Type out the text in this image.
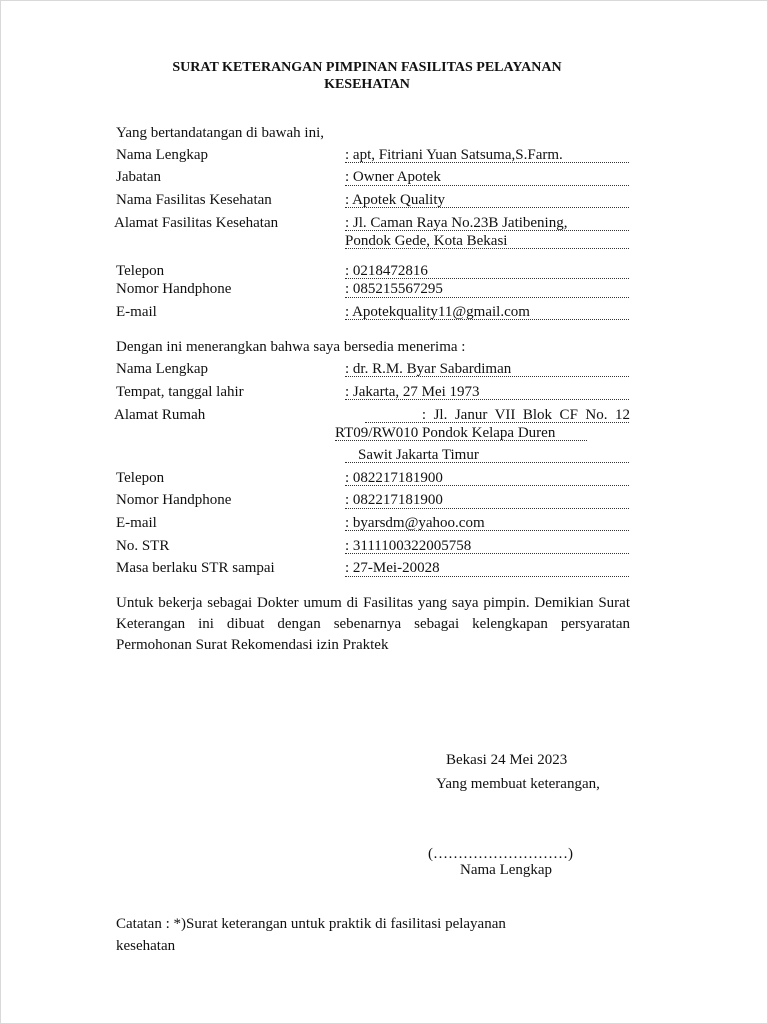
SURAT KETERANGAN PIMPINAN FASILITAS PELAYANAN
KESEHATAN
Yang bertandatangan di bawah ini,
Nama Lengkap	: apt, Fitriani Yuan Satsuma,S.Farm.
Jabatan	: Owner Apotek
Nama Fasilitas Kesehatan	: Apotek Quality
Alamat Fasilitas Kesehatan	: Jl. Caman Raya No.23B Jatibening,
Pondok Gede, Kota Bekasi
Telepon	: 0218472816
Nomor Handphone	: 085215567295
E-mail	: Apotekquality11@gmail.com
Dengan ini menerangkan bahwa saya bersedia menerima :
Nama Lengkap	: dr. R.M. Byar Sabardiman
Tempat, tanggal lahir	: Jakarta, 27 Mei 1973
Alamat Rumah	:  Jl.  Janur  VII  Blok  CF  No.  12
RT09/RW010 Pondok Kelapa Duren
Sawit Jakarta Timur
Telepon	: 082217181900
Nomor Handphone	: 082217181900
E-mail	: byarsdm@yahoo.com
No. STR	: 3111100322005758
Masa berlaku STR sampai	: 27-Mei-20028
Untuk bekerja sebagai Dokter umum di Fasilitas yang saya pimpin. Demikian Surat Keterangan ini dibuat dengan sebenarnya sebagai kelengkapan persyaratan Permohonan Surat Rekomendasi izin Praktek
Bekasi 24 Mei 2023
Yang membuat keterangan,
(………………………)
Nama Lengkap
Catatan : *)Surat keterangan untuk praktik di fasilitasi pelayanan
kesehatan
